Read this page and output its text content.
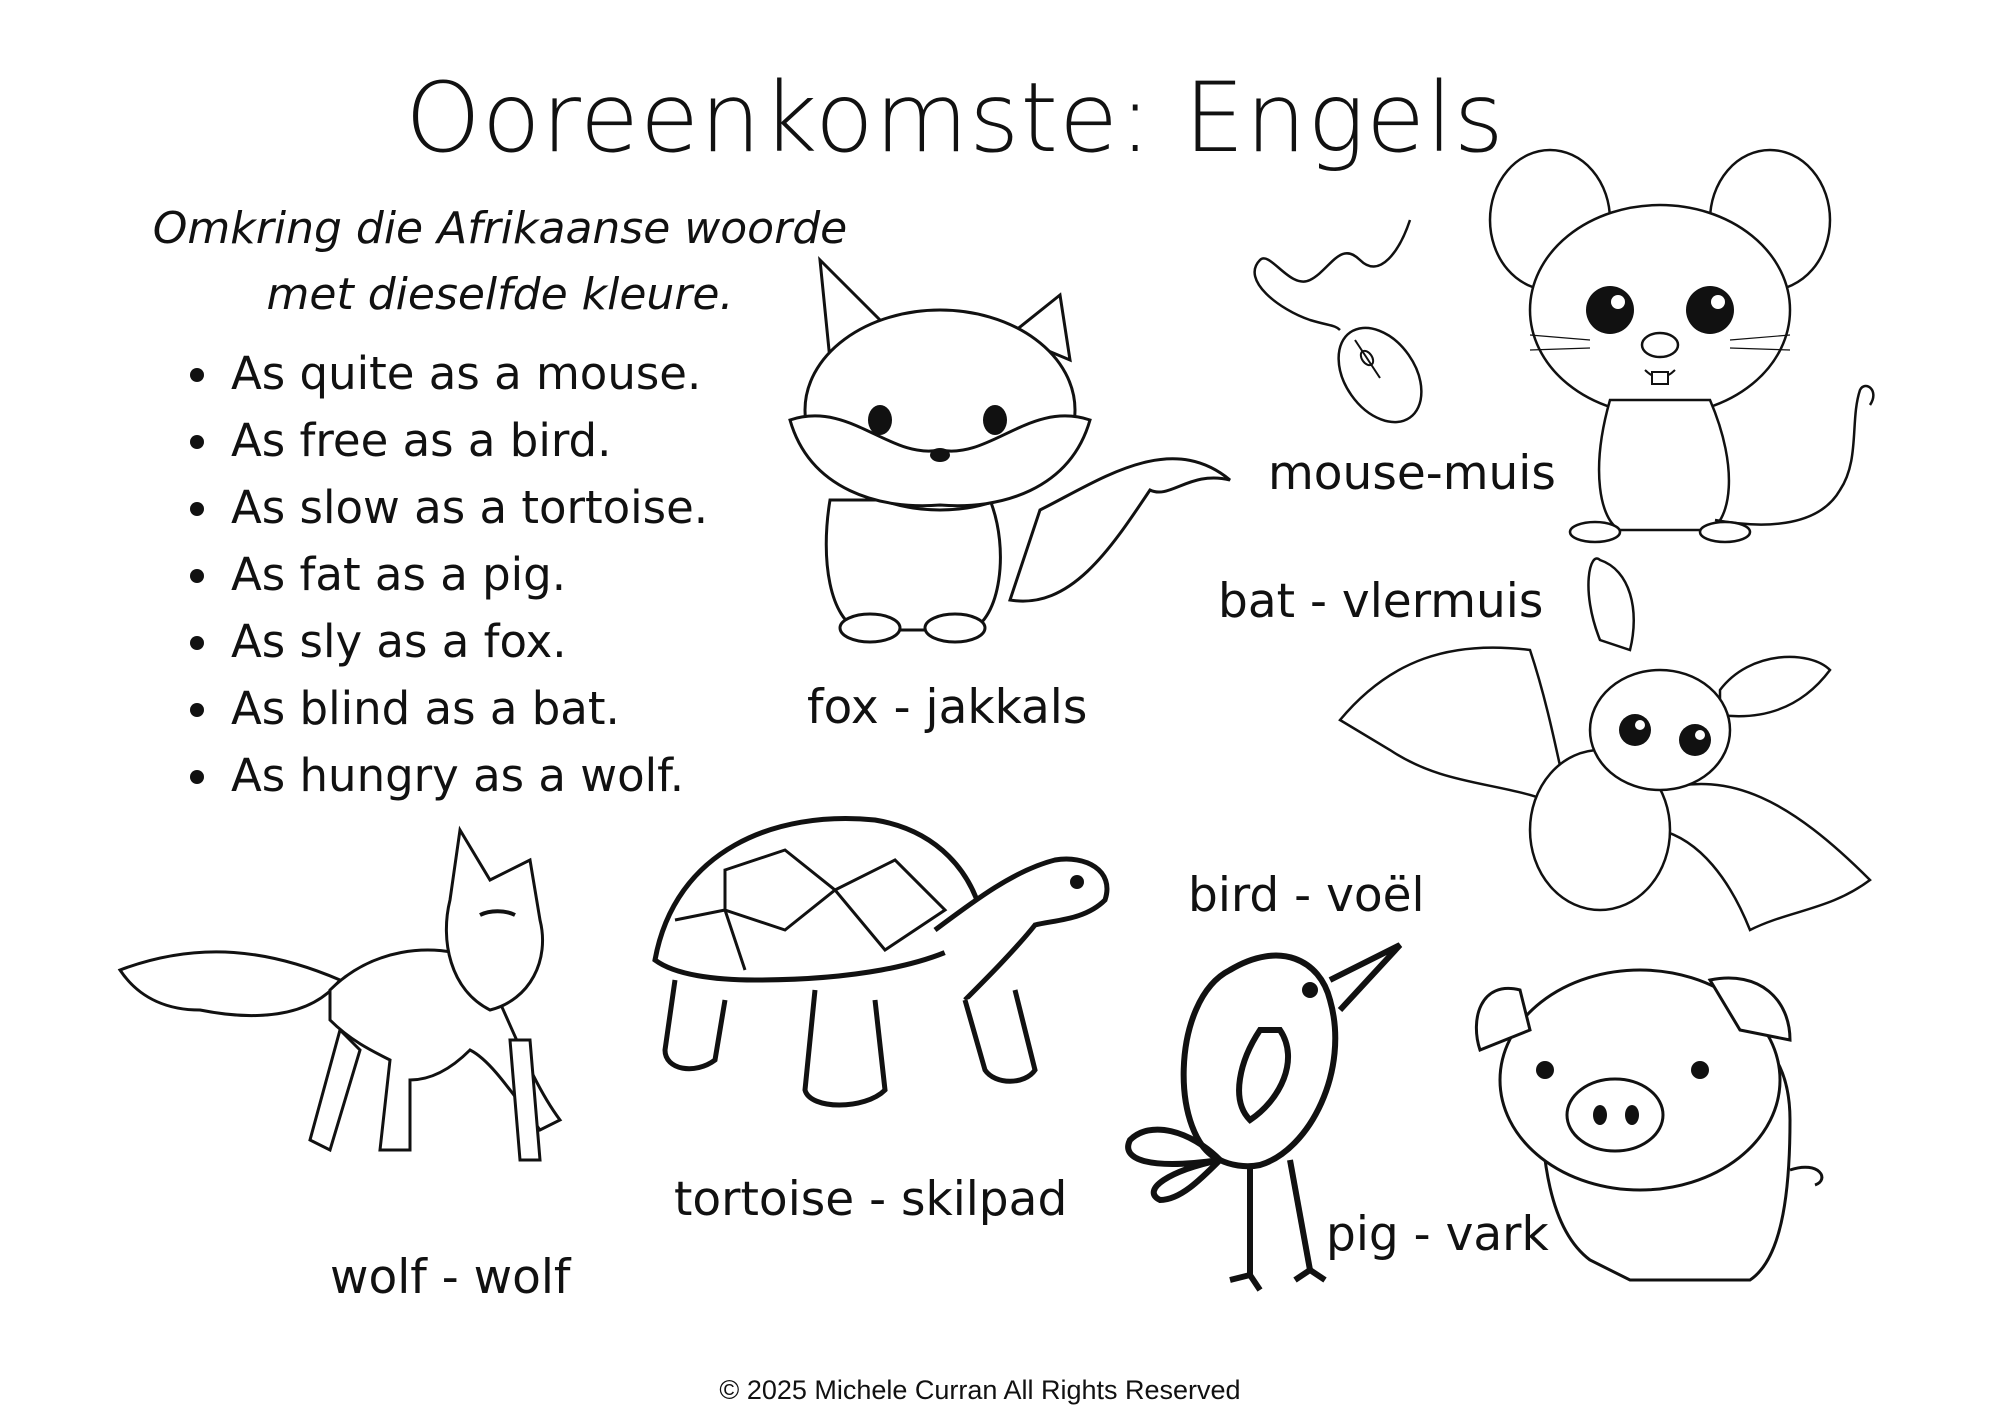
Ooreenkomste: Engels
Omkring die Afrikaanse woorde
met dieselfde kleure.
• As quite as a mouse.
• As free as a bird.
• As slow as a tortoise.
• As fat as a pig.
• As sly as a fox.
• As blind as a bat.
• As hungry as a wolf.
mouse-muis
bat - vlermuis
fox - jakkals
bird - voël
tortoise - skilpad
pig - vark
wolf - wolf
© 2025 Michele Curran All Rights Reserved
